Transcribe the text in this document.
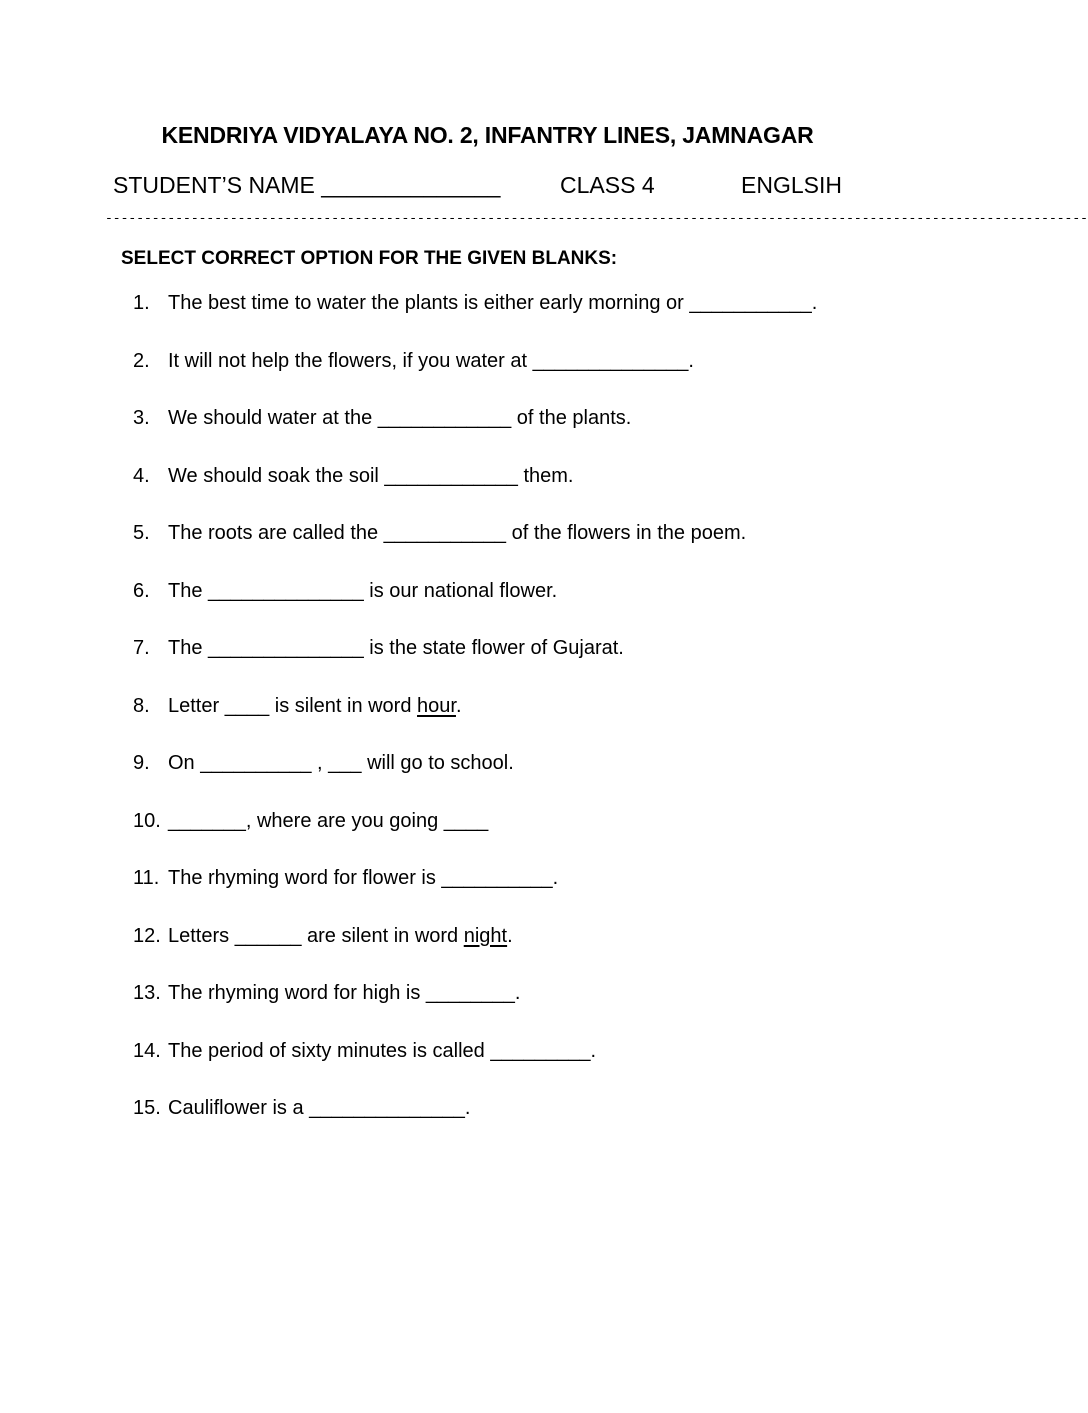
KENDRIYA VIDYALAYA NO. 2, INFANTRY LINES, JAMNAGAR
STUDENT’S NAME ______________	CLASS 4	ENGLSIH
------------------------------------------------------------------------------------------------------------------------------
SELECT CORRECT OPTION FOR THE GIVEN BLANKS:
1. The best time to water the plants is either early morning or ___________.
2. It will not help the flowers, if you water at ______________.
3. We should water at the ____________ of the plants.
4. We should soak the soil ____________ them.
5. The roots are called the ___________ of the flowers in the poem.
6. The ______________ is our national flower.
7. The ______________ is the state flower of Gujarat.
8. Letter ____ is silent in word hour.
9. On __________ , ___ will go to school.
10. _______, where are you going ____
11. The rhyming word for flower is __________.
12. Letters ______ are silent in word night.
13. The rhyming word for high is ________.
14. The period of sixty minutes is called _________.
15. Cauliflower is a ______________.
